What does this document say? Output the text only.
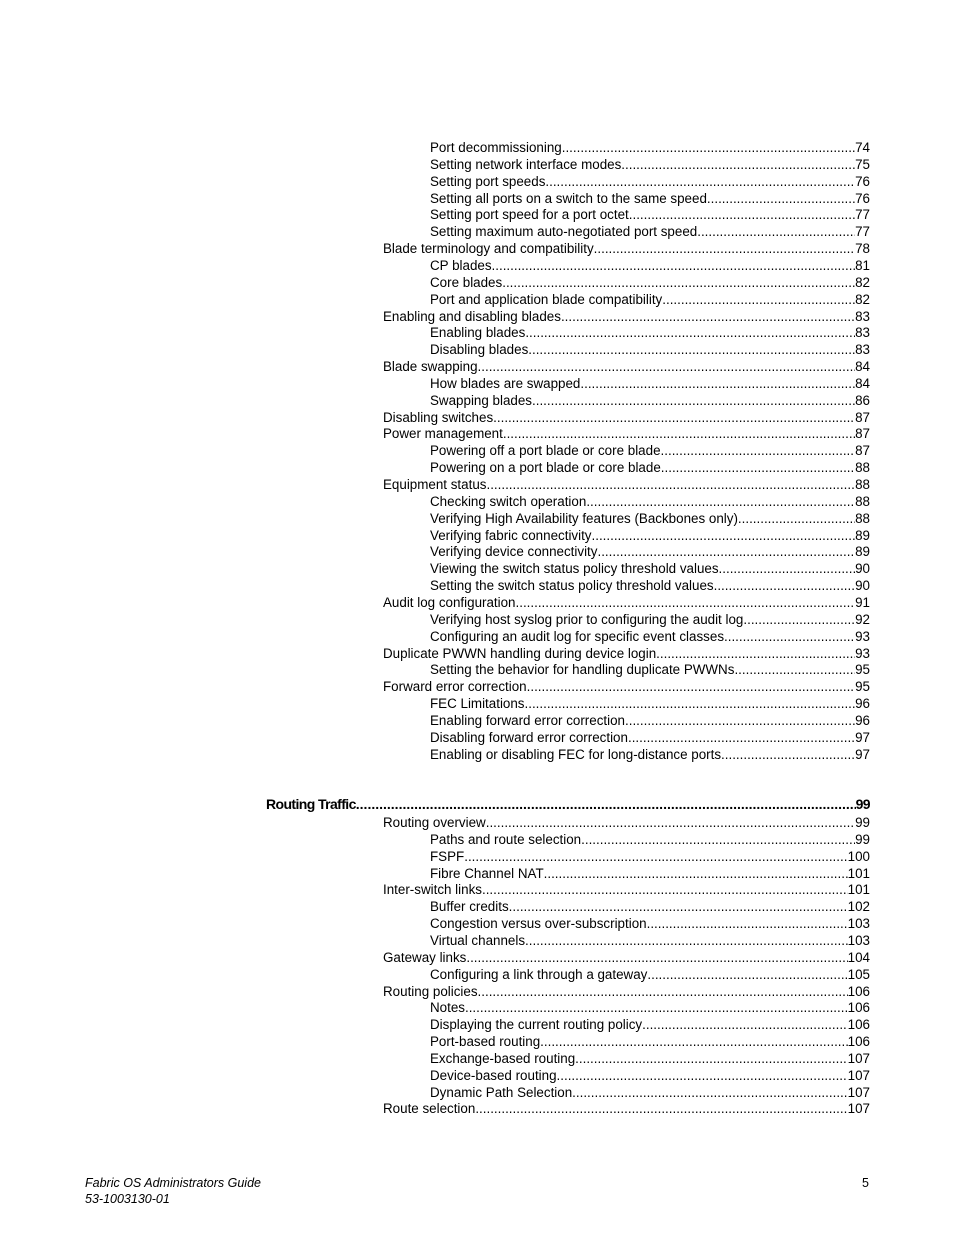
Port decommissioning .....	74
Setting network interface modes .....	75
Setting port speeds .....	76
Setting all ports on a switch to the same speed .....	76
Setting port speed for a port octet .....	77
Setting maximum auto-negotiated port speed .....	77
Blade terminology and compatibility .....	78
CP blades .....	81
Core blades .....	82
Port and application blade compatibility .....	82
Enabling and disabling blades .....	83
Enabling blades .....	83
Disabling blades .....	83
Blade swapping .....	84
How blades are swapped .....	84
Swapping blades .....	86
Disabling switches .....	87
Power management .....	87
Powering off a port blade or core blade .....	87
Powering on a port blade or core blade .....	88
Equipment status .....	88
Checking switch operation .....	88
Verifying High Availability features (Backbones only) .....	88
Verifying fabric connectivity .....	89
Verifying device connectivity .....	89
Viewing the switch status policy threshold values .....	90
Setting the switch status policy threshold values .....	90
Audit log configuration .....	91
Verifying host syslog prior to configuring the audit log .....	92
Configuring an audit log for specific event classes .....	93
Duplicate PWWN handling during device login .....	93
Setting the behavior for handling duplicate PWWNs .....	95
Forward error correction .....	95
FEC Limitations .....	96
Enabling forward error correction .....	96
Disabling forward error correction .....	97
Enabling or disabling FEC for long-distance ports .....	97
Routing Traffic .....	99
Routing overview .....	99
Paths and route selection .....	99
FSPF .....	100
Fibre Channel NAT .....	101
Inter-switch links .....	101
Buffer credits .....	102
Congestion versus over-subscription .....	103
Virtual channels .....	103
Gateway links .....	104
Configuring a link through a gateway .....	105
Routing policies .....	106
Notes .....	106
Displaying the current routing policy .....	106
Port-based routing .....	106
Exchange-based routing .....	107
Device-based routing .....	107
Dynamic Path Selection .....	107
Route selection .....	107
Fabric OS Administrators Guide
53-1003130-01
5
